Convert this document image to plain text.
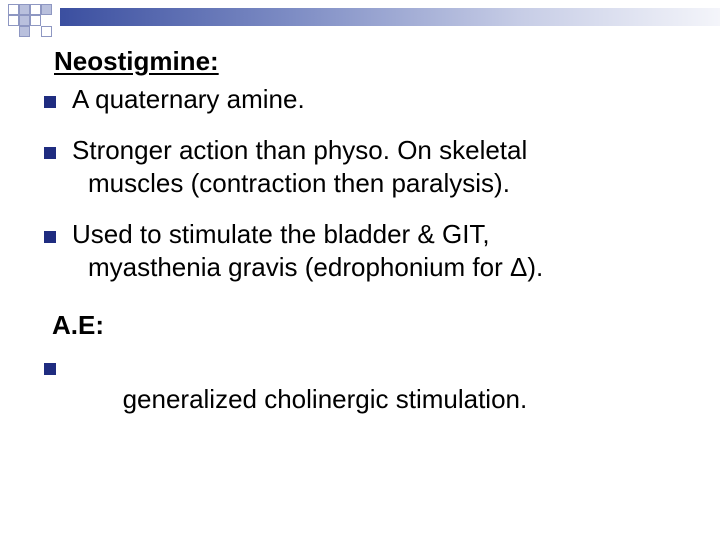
Neostigmine:
A quaternary amine.
Stronger action than physo. On skeletal
muscles (contraction then paralysis).
Used to stimulate the bladder & GIT,
myasthenia gravis (edrophonium for Δ).
A.E:

generalized cholinergic stimulation.
